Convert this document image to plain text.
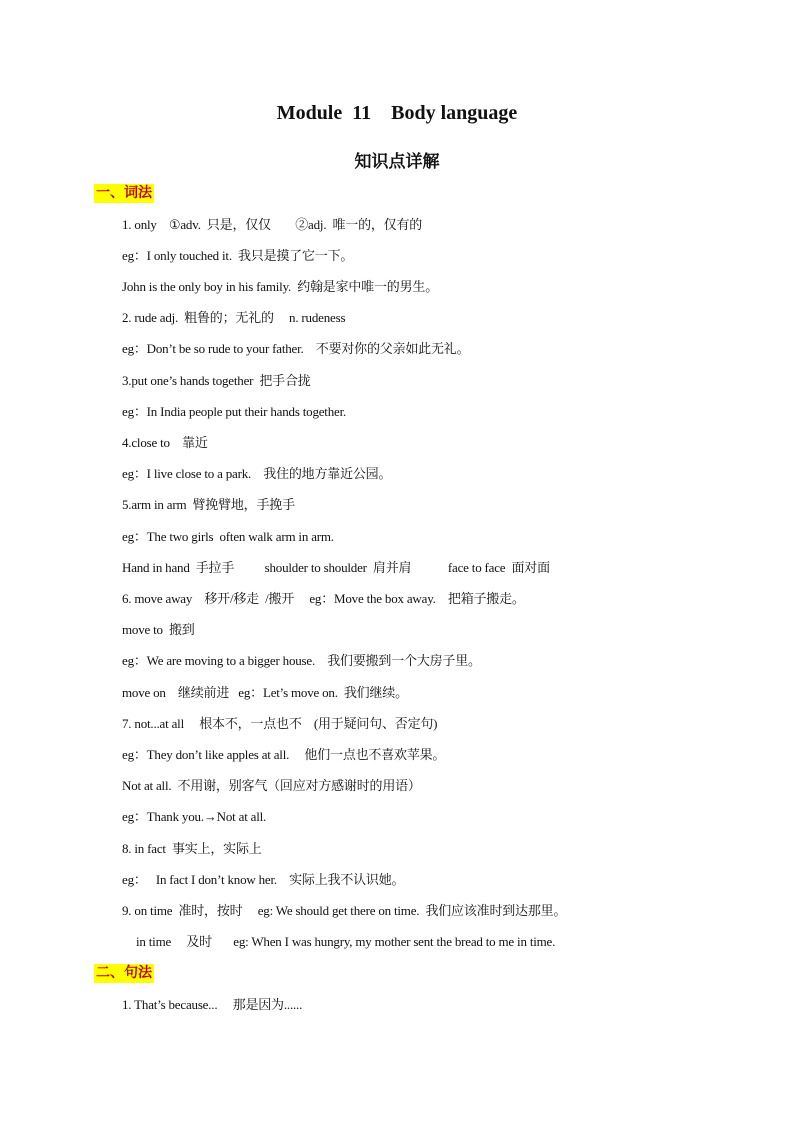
Module  11    Body language
知识点详解
一、词法
1. only    ①adv.  只是，仅仅        ②adj.  唯一的，仅有的
eg：I only touched it.  我只是摸了它一下。
John is the only boy in his family.  约翰是家中唯一的男生。
2. rude adj.  粗鲁的；无礼的     n. rudeness
eg：Don’t be so rude to your father.    不要对你的父亲如此无礼。
3.put one’s hands together  把手合拢
eg：In India people put their hands together.
4.close to    靠近
eg：I live close to a park.    我住的地方靠近公园。
5.arm in arm  臂挽臂地，手挽手
eg：The two girls  often walk arm in arm.
Hand in hand  手拉手          shoulder to shoulder  肩并肩            face to face  面对面
6. move away    移开/移走  /搬开     eg：Move the box away.    把箱子搬走。
move to  搬到
eg：We are moving to a bigger house.    我们要搬到一个大房子里。
move on    继续前进   eg：Let’s move on.  我们继续。
7. not...at all     根本不，一点也不    (用于疑问句、否定句)
eg：They don’t like apples at all.     他们一点也不喜欢苹果。
Not at all.  不用谢，别客气（回应对方感谢时的用语）
eg：Thank you.→Not at all.
8. in fact  事实上，实际上
eg：   In fact I don’t know her.    实际上我不认识她。
9. on time  准时，按时     eg: We should get there on time.  我们应该准时到达那里。
in time     及时       eg: When I was hungry, my mother sent the bread to me in time.
二、句法
1. That’s because...     那是因为......
